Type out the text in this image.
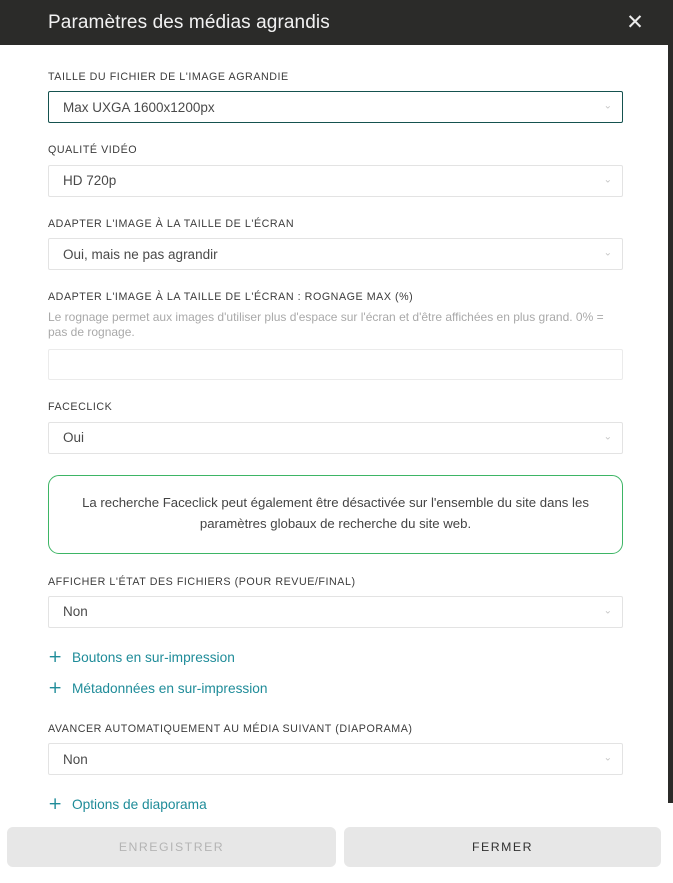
Paramètres des médias agrandis	✕
TAILLE DU FICHIER DE L'IMAGE AGRANDIE
Max UXGA 1600x1200px	⌄
QUALITÉ VIDÉO
HD 720p	⌄
ADAPTER L'IMAGE À LA TAILLE DE L'ÉCRAN
Oui, mais ne pas agrandir	⌄
ADAPTER L'IMAGE À LA TAILLE DE L'ÉCRAN : ROGNAGE MAX (%)
Le rognage permet aux images d'utiliser plus d'espace sur l'écran et d'être affichées en plus grand. 0% = pas de rognage.
FACECLICK
Oui	⌄
La recherche Faceclick peut également être désactivée sur l'ensemble du site dans les paramètres globaux de recherche du site web.
AFFICHER L'ÉTAT DES FICHIERS (POUR REVUE/FINAL)
Non	⌄
+ Boutons en sur-impression
+ Métadonnées en sur-impression
AVANCER AUTOMATIQUEMENT AU MÉDIA SUIVANT (DIAPORAMA)
Non	⌄
+ Options de diaporama
ENREGISTRER	FERMER
